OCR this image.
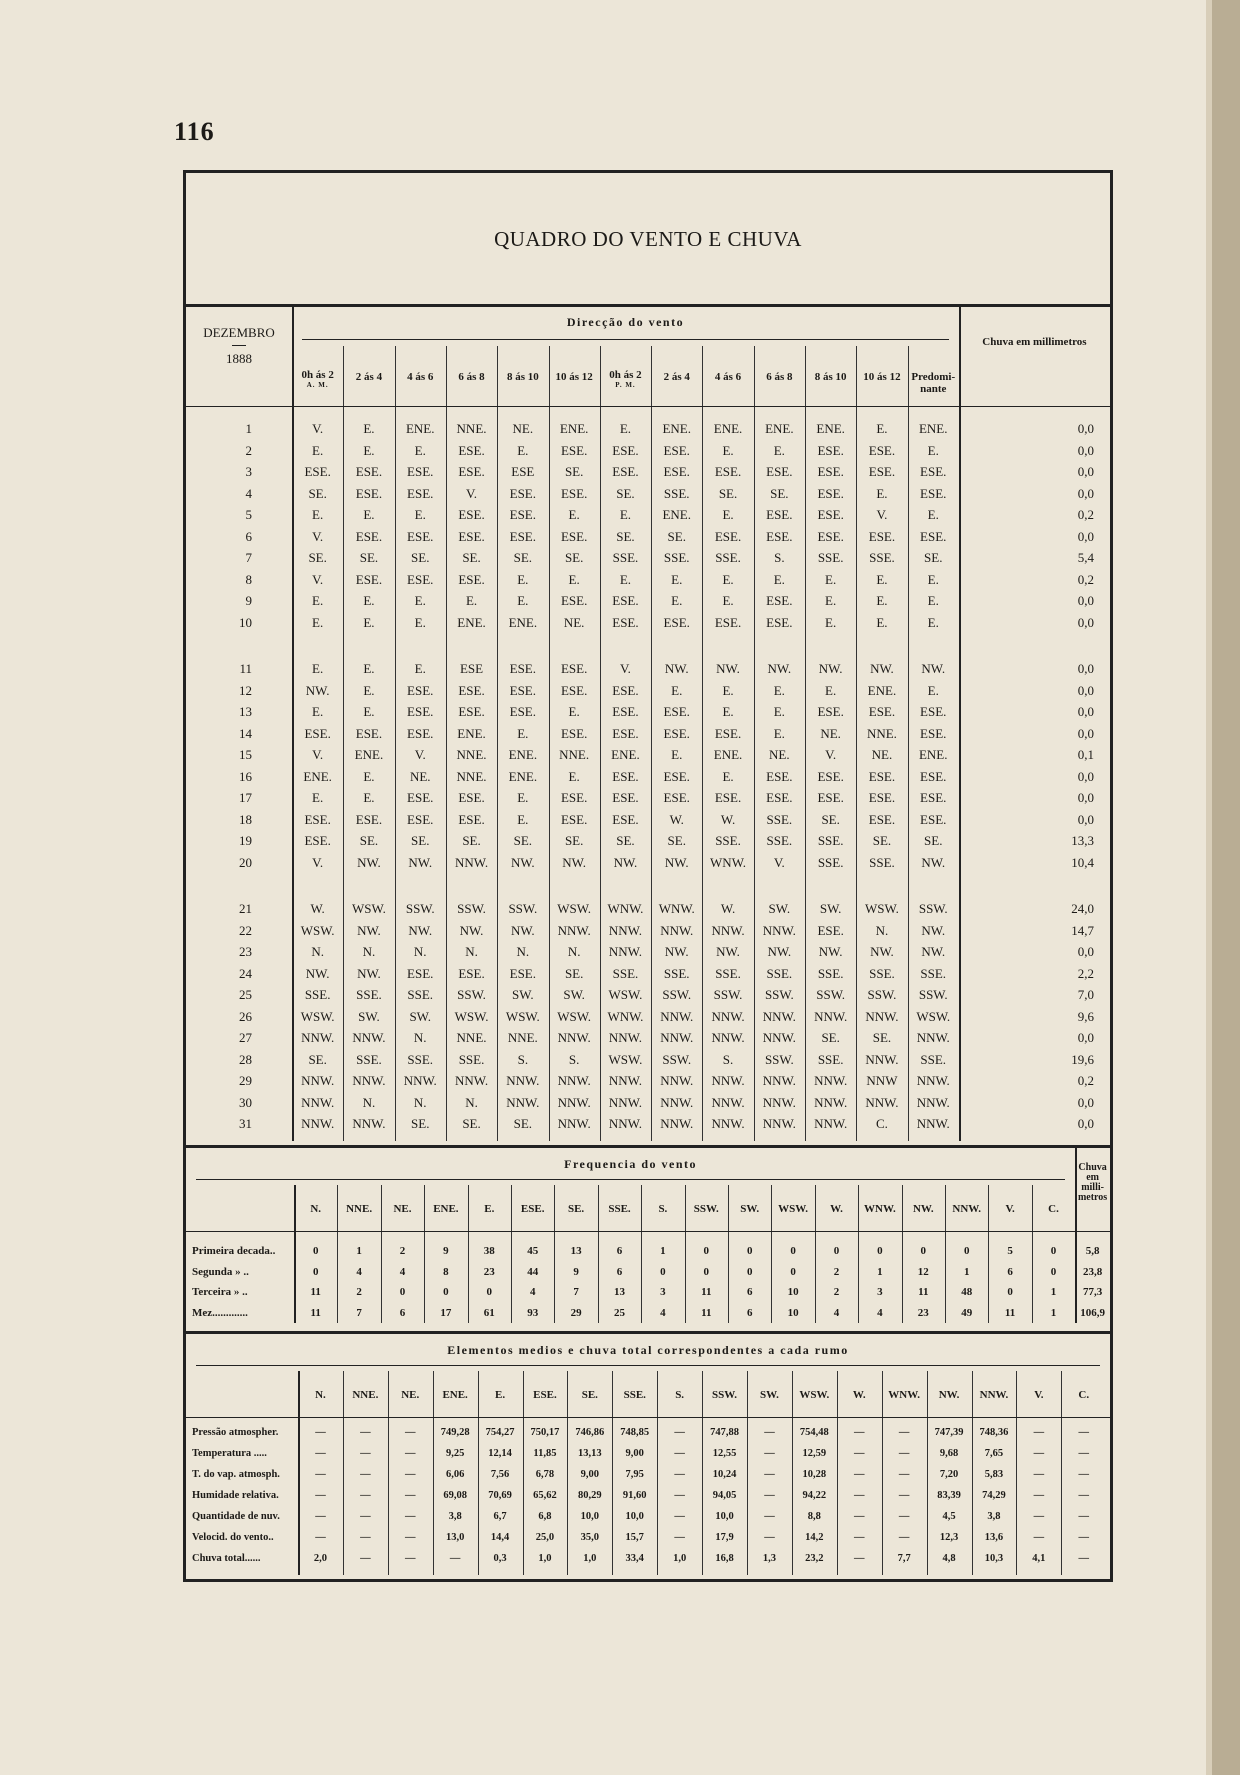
116
QUADRO DO VENTO E CHUVA
DEZEMBRO
1888
Direcção do vento
0h ás 2
A. M.
2 ás 4	4 ás 6	6 ás 8	8 ás 10	10 ás 12	0h ás 2
P. M.
2 ás 4	4 ás 6	6 ás 8	8 ás 10	10 ás 12 Predomi-
nante
Chuva em millimetros
1	V.	E.	ENE.	NNE.	NE.	ENE.	E.	ENE.	ENE.	ENE.	ENE.	E.	ENE.	0,0
2	E.	E.	E.	ESE.	E.	ESE.	ESE.	ESE.	E.	E.	ESE.	ESE.	E.	0,0
3	ESE.	ESE.	ESE.	ESE.	ESE	SE.	ESE.	ESE.	ESE.	ESE.	ESE.	ESE.	ESE.	0,0
4	SE.	ESE.	ESE.	V.	ESE.	ESE.	SE.	SSE.	SE.	SE.	ESE.	E.	ESE.	0,0
5	E.	E.	E.	ESE.	ESE.	E.	E.	ENE.	E.	ESE.	ESE.	V.	E.	0,2
6	V.	ESE.	ESE.	ESE.	ESE.	ESE.	SE.	SE.	ESE.	ESE.	ESE.	ESE.	ESE.	0,0
7	SE.	SE.	SE.	SE.	SE.	SE.	SSE.	SSE.	SSE.	S.	SSE.	SSE.	SE.	5,4
8	V.	ESE.	ESE.	ESE.	E.	E.	E.	E.	E.	E.	E.	E.	E.	0,2
9	E.	E.	E.	E.	E.	ESE.	ESE.	E.	E.	ESE.	E.	E.	E.	0,0
10	E.	E.	E.	ENE.	ENE.	NE.	ESE.	ESE.	ESE.	ESE.	E.	E.	E.	0,0
11	E.	E.	E.	ESE	ESE.	ESE.	V.	NW.	NW.	NW.	NW.	NW.	NW.	0,0
12	NW.	E.	ESE.	ESE.	ESE.	ESE.	ESE.	E.	E.	E.	E.	ENE.	E.	0,0
13	E.	E.	ESE.	ESE.	ESE.	E.	ESE.	ESE.	E.	E.	ESE.	ESE.	ESE.	0,0
14	ESE.	ESE.	ESE.	ENE.	E.	ESE.	ESE.	ESE.	ESE.	E.	NE.	NNE.	ESE.	0,0
15	V.	ENE.	V.	NNE.	ENE.	NNE.	ENE.	E.	ENE.	NE.	V.	NE.	ENE.	0,1
16	ENE.	E.	NE.	NNE.	ENE.	E.	ESE.	ESE.	E.	ESE.	ESE.	ESE.	ESE.	0,0
17	E.	E.	ESE.	ESE.	E.	ESE.	ESE.	ESE.	ESE.	ESE.	ESE.	ESE.	ESE.	0,0
18	ESE.	ESE.	ESE.	ESE.	E.	ESE.	ESE.	W.	W.	SSE.	SE.	ESE.	ESE.	0,0
19	ESE.	SE.	SE.	SE.	SE.	SE.	SE.	SE.	SSE.	SSE.	SSE.	SE.	SE.	13,3
20	V.	NW.	NW.	NNW.	NW.	NW.	NW.	NW.	WNW.	V.	SSE.	SSE.	NW.	10,4
21	W.	WSW.	SSW.	SSW.	SSW.	WSW.	WNW.	WNW.	W.	SW.	SW.	WSW.	SSW.	24,0
22	WSW.	NW.	NW.	NW.	NW.	NNW.	NNW.	NNW.	NNW.	NNW.	ESE.	N.	NW.	14,7
23	N.	N.	N.	N.	N.	N.	NNW.	NW.	NW.	NW.	NW.	NW.	NW.	0,0
24	NW.	NW.	ESE.	ESE.	ESE.	SE.	SSE.	SSE.	SSE.	SSE.	SSE.	SSE.	SSE.	2,2
25	SSE.	SSE.	SSE.	SSW.	SW.	SW.	WSW.	SSW.	SSW.	SSW.	SSW.	SSW.	SSW.	7,0
26	WSW.	SW.	SW.	WSW.	WSW.	WSW.	WNW.	NNW.	NNW.	NNW.	NNW.	NNW.	WSW.	9,6
27	NNW.	NNW.	N.	NNE.	NNE.	NNW.	NNW.	NNW.	NNW.	NNW.	SE.	SE.	NNW.	0,0
28	SE.	SSE.	SSE.	SSE.	S.	S.	WSW.	SSW.	S.	SSW.	SSE.	NNW.	SSE.	19,6
29	NNW.	NNW.	NNW.	NNW.	NNW.	NNW.	NNW.	NNW.	NNW.	NNW.	NNW.	NNW	NNW.	0,2
30	NNW.	N.	N.	N.	NNW.	NNW.	NNW.	NNW.	NNW.	NNW.	NNW.	NNW.	NNW.	0,0
31	NNW.	NNW.	SE.	SE.	SE.	NNW.	NNW.	NNW.	NNW.	NNW.	NNW.	C.	NNW.	0,0
Frequencia do vento	Chuva em milli- metros
N.	NNE.	NE.	ENE.	E.	ESE.	SE.	SSE.	S.	SSW.	SW.	WSW.	W.	WNW.	NW.	NNW.	V.	C.
Primeira decada..	0	1	2	9	38	45	13	6	1	0	0	0	0	0	0	0	5	0	5,8
Segunda » ..	0	4	4	8	23	44	9	6	0	0	0	0	2	1	12	1	6	0	23,8
Terceira » ..	11	2	0	0	0	4	7	13	3	11	6	10	2	3	11	48	0	1	77,3
Mez.............	11	7	6	17	61	93	29	25	4	11	6	10	4	4	23	49	11	1	106,9
Elementos medios e chuva total correspondentes a cada rumo
N.	NNE.	NE.	ENE.	E.	ESE.	SE.	SSE.	S.	SSW.	SW.	WSW.	W.	WNW.	NW.	NNW.	V.	C.
Pressão atmospher.	—	—	—	749,28	754,27	750,17	746,86	748,85	—	747,88	—	754,48	—	—	747,39	748,36	—	—
Temperatura .....	—	—	—	9,25	12,14	11,85	13,13	9,00	—	12,55	—	12,59	—	—	9,68	7,65	—	—
T. do vap. atmosph.	—	—	—	6,06	7,56	6,78	9,00	7,95	—	10,24	—	10,28	—	—	7,20	5,83	—	—
Humidade relativa.	—	—	—	69,08	70,69	65,62	80,29	91,60	—	94,05	—	94,22	—	—	83,39	74,29	—	—
Quantidade de nuv.	—	—	—	3,8	6,7	6,8	10,0	10,0	—	10,0	—	8,8	—	—	4,5	3,8	—	—
Velocid. do vento..	—	—	—	13,0	14,4	25,0	35,0	15,7	—	17,9	—	14,2	—	—	12,3	13,6	—	—
Chuva total......	2,0	—	—	—	0,3	1,0	1,0	33,4	1,0	16,8	1,3	23,2	—	7,7	4,8	10,3	4,1	—
